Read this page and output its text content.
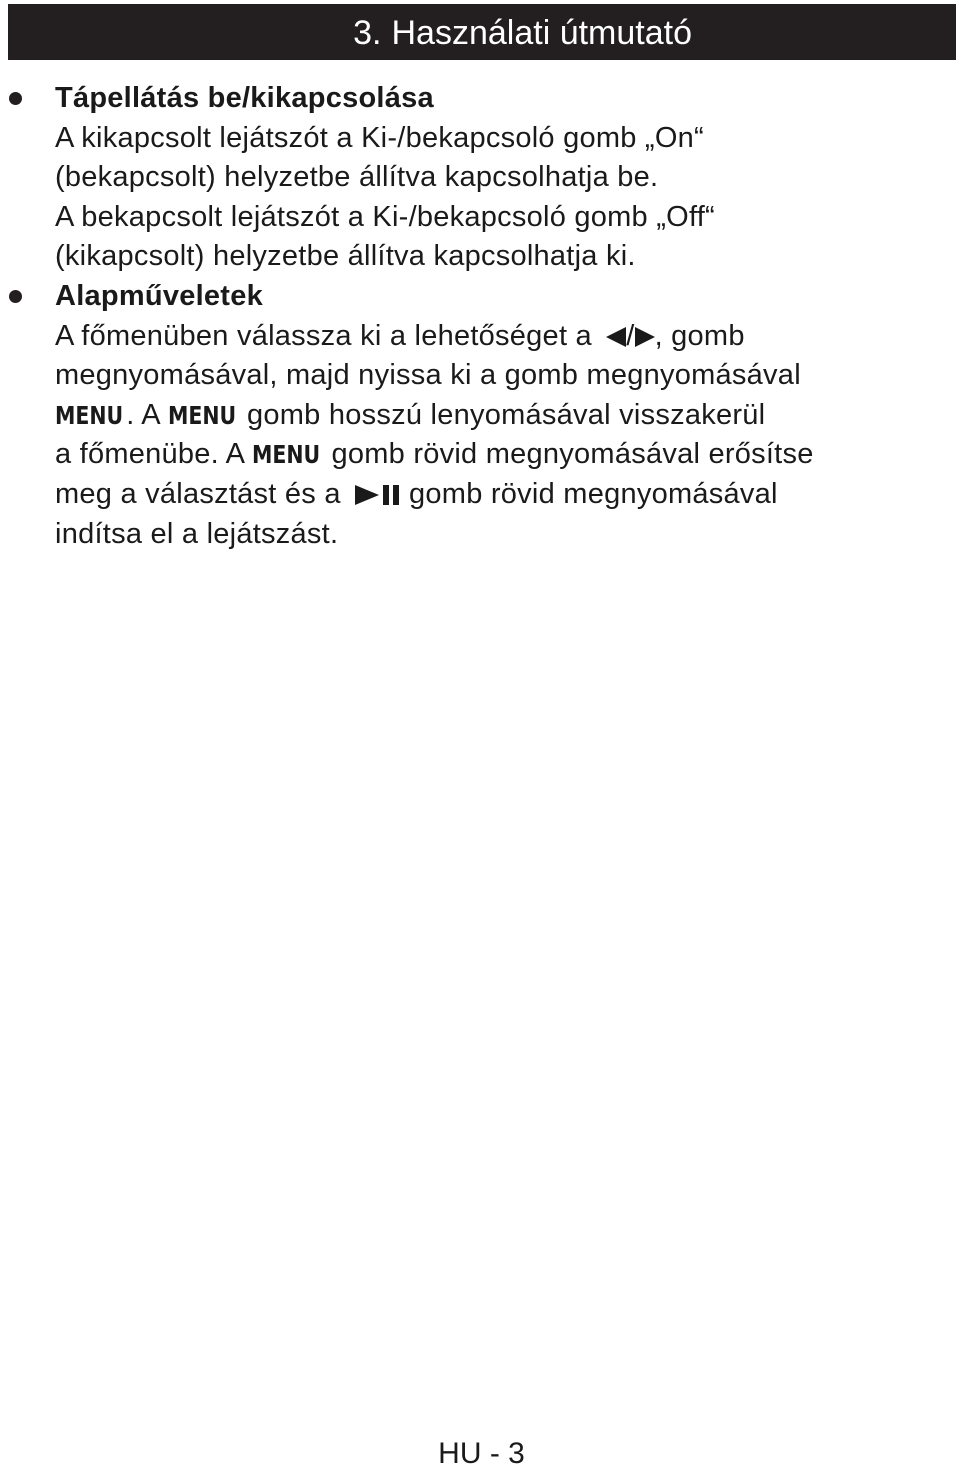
3. Használati útmutató
Tápellátás be/kikapcsolása
A kikapcsolt lejátszót a Ki-/bekapcsoló gomb „On“
(bekapcsolt) helyzetbe állítva kapcsolhatja be.
A bekapcsolt lejátszót a Ki-/bekapcsoló gomb „Off“
(kikapcsolt) helyzetbe állítva kapcsolhatja ki.
Alapműveletek
A főmenüben válassza ki a lehetőséget a / , gomb
megnyomásával, majd nyissa ki a gomb megnyomásával
MENU . A MENU gomb hosszú lenyomásával visszakerül
a főmenübe. A MENU gomb rövid megnyomásával erősítse
meg a választást és a gomb rövid megnyomásával
indítsa el a lejátszást.
HU - 3
